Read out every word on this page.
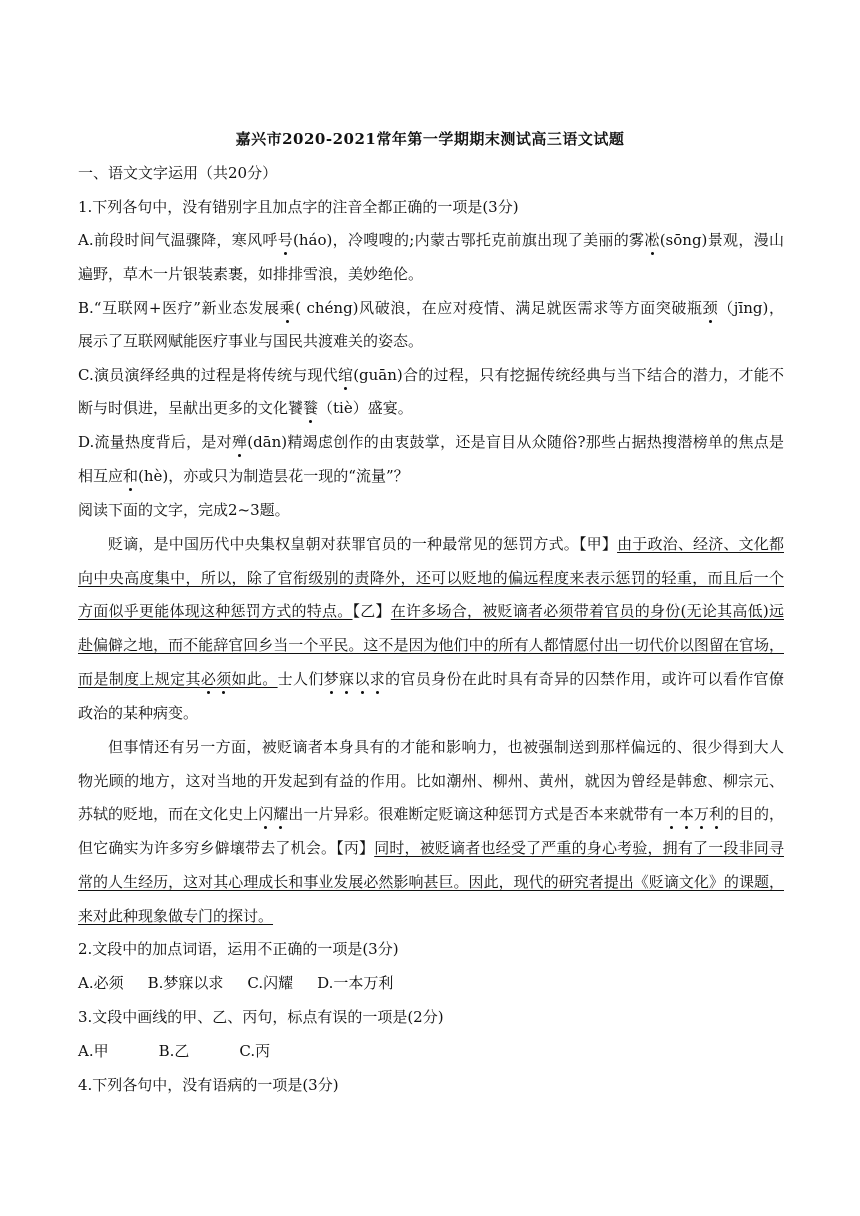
嘉兴市2020-2021常年第一学期期末测试高三语文试题
一、语文文字运用（共20分）
1.下列各句中，没有错别字且加点字的注音全都正确的一项是(3分)
A.前段时间气温骤降，寒风呼号(háo)，冷嗖嗖的;内蒙古鄂托克前旗出现了美丽的雾凇(sōng)景观，漫山
遍野，草木一片银装素裹，如排排雪浪，美妙绝伦。
B.“互联网+医疗”新业态发展乘( chéng)风破浪，在应对疫情、满足就医需求等方面突破瓶颈（jīng)，
展示了互联网赋能医疗事业与国民共渡难关的姿态。
C.演员演绎经典的过程是将传统与现代绾(guān)合的过程，只有挖掘传统经典与当下结合的潜力，才能不
断与时俱进，呈献出更多的文化饕餮（tiè）盛宴。
D.流量热度背后，是对殚(dān)精竭虑创作的由衷鼓掌，还是盲目从众随俗?那些占据热搜潜榜单的焦点是
相互应和(hè)，亦或只为制造昙花一现的“流量”？
阅读下面的文字，完成2~3题。
贬谪，是中国历代中央集权皇朝对获罪官员的一种最常见的惩罚方式。【甲】由于政治、经济、文化都
向中央高度集中，所以，除了官衔级别的责降外，还可以贬地的偏远程度来表示惩罚的轻重，而且后一个
方面似乎更能体现这种惩罚方式的特点。【乙】在许多场合，被贬谪者必须带着官员的身份(无论其高低)远
赴偏僻之地，而不能辞官回乡当一个平民。这不是因为他们中的所有人都情愿付出一切代价以图留在官场，
而是制度上规定其必须如此。士人们梦寐以求的官员身份在此时具有奇异的囚禁作用，或许可以看作官僚
政治的某种病变。
但事情还有另一方面，被贬谪者本身具有的才能和影响力，也被强制送到那样偏远的、很少得到大人
物光顾的地方，这对当地的开发起到有益的作用。比如潮州、柳州、黄州，就因为曾经是韩愈、柳宗元、
苏轼的贬地，而在文化史上闪耀出一片异彩。很难断定贬谪这种惩罚方式是否本来就带有一本万利的目的，
但它确实为许多穷乡僻壤带去了机会。【丙】同时，被贬谪者也经受了严重的身心考验，拥有了一段非同寻
常的人生经历，这对其心理成长和事业发展必然影响甚巨。因此，现代的研究者提出《贬谪文化》的课题，
来对此种现象做专门的探讨。
2.文段中的加点词语，运用不正确的一项是(3分)
A.必须 B.梦寐以求 C.闪耀 D.一本万利
3.文段中画线的甲、乙、丙句，标点有误的一项是(2分)
A.甲	B.乙	C.丙
4.下列各句中，没有语病的一项是(3分)
